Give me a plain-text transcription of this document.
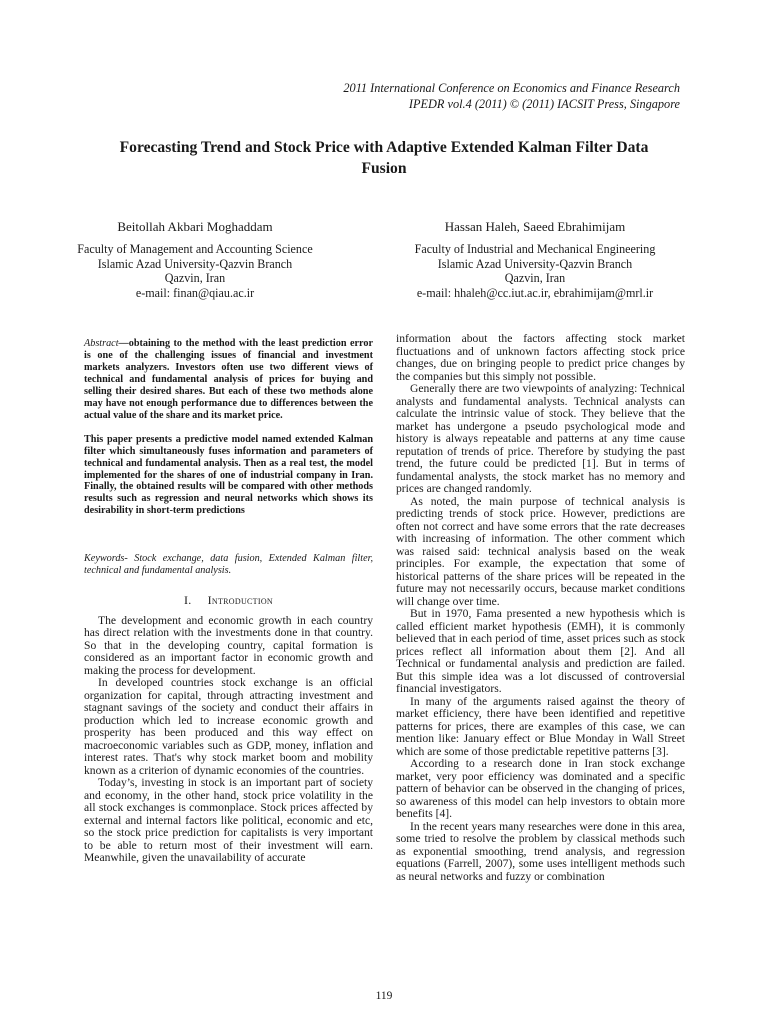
2011 International Conference on Economics and Finance Research
IPEDR vol.4 (2011) © (2011) IACSIT Press, Singapore
Forecasting Trend and Stock Price with Adaptive Extended Kalman Filter Data
Fusion
Beitollah Akbari Moghaddam
Faculty of Management and Accounting Science
Islamic Azad University-Qazvin Branch
Qazvin, Iran
e-mail: finan@qiau.ac.ir
Hassan Haleh, Saeed Ebrahimijam
Faculty of Industrial and Mechanical Engineering
Islamic Azad University-Qazvin Branch
Qazvin, Iran
e-mail: hhaleh@cc.iut.ac.ir, ebrahimijam@mrl.ir

Abstract—obtaining to the method with the least prediction error is one of the challenging issues of financial and investment markets analyzers. Investors often use two different views of technical and fundamental analysis of prices for buying and selling their desired shares. But each of these two methods alone may have not enough performance due to differences between the actual value of the share and its market price.

This paper presents a predictive model named extended Kalman filter which simultaneously fuses information and parameters of technical and fundamental analysis. Then as a real test, the model implemented for the shares of one of industrial company in Iran. Finally, the obtained results will be compared with other methods results such as regression and neural networks which shows its desirability in short-term predictions

Keywords- Stock exchange, data fusion, Extended Kalman filter, technical and fundamental analysis.

I. Introduction

The development and economic growth in each country has direct relation with the investments done in that country. So that in the developing country, capital formation is considered as an important factor in economic growth and making the process for development.

In developed countries stock exchange is an official organization for capital, through attracting investment and stagnant savings of the society and conduct their affairs in production which led to increase economic growth and prosperity has been produced and this way effect on macroeconomic variables such as GDP, money, inflation and interest rates. That's why stock market boom and mobility known as a criterion of dynamic economies of the countries.

Today’s, investing in stock is an important part of society and economy, in the other hand, stock price volatility in the all stock exchanges is commonplace. Stock prices affected by external and internal factors like political, economic and etc, so the stock price prediction for capitalists is very important to be able to return most of their investment will earn. Meanwhile, given the unavailability of accurate

information about the factors affecting stock market fluctuations and of unknown factors affecting stock price changes, due on bringing people to predict price changes by the companies but this simply not possible.

Generally there are two viewpoints of analyzing: Technical analysts and fundamental analysts. Technical analysts can calculate the intrinsic value of stock. They believe that the market has undergone a pseudo psychological mode and history is always repeatable and patterns at any time cause reputation of trends of price. Therefore by studying the past trend, the future could be predicted [1]. But in terms of fundamental analysts, the stock market has no memory and prices are changed randomly.

As noted, the main purpose of technical analysis is predicting trends of stock price. However, predictions are often not correct and have some errors that the rate decreases with increasing of information. The other comment which was raised said: technical analysis based on the weak principles. For example, the expectation that some of historical patterns of the share prices will be repeated in the future may not necessarily occurs, because market conditions will change over time.

But in 1970, Fama presented a new hypothesis which is called efficient market hypothesis (EMH), it is commonly believed that in each period of time, asset prices such as stock prices reflect all information about them [2]. And all Technical or fundamental analysis and prediction are failed. But this simple idea was a lot discussed of controversial financial investigators.

In many of the arguments raised against the theory of market efficiency, there have been identified and repetitive patterns for prices, there are examples of this case, we can mention like: January effect or Blue Monday in Wall Street which are some of those predictable repetitive patterns [3].

According to a research done in Iran stock exchange market, very poor efficiency was dominated and a specific pattern of behavior can be observed in the changing of prices, so awareness of this model can help investors to obtain more benefits [4].

In the recent years many researches were done in this area, some tried to resolve the problem by classical methods such as exponential smoothing, trend analysis, and regression equations (Farrell, 2007), some uses intelligent methods such as neural networks and fuzzy or combination

119
